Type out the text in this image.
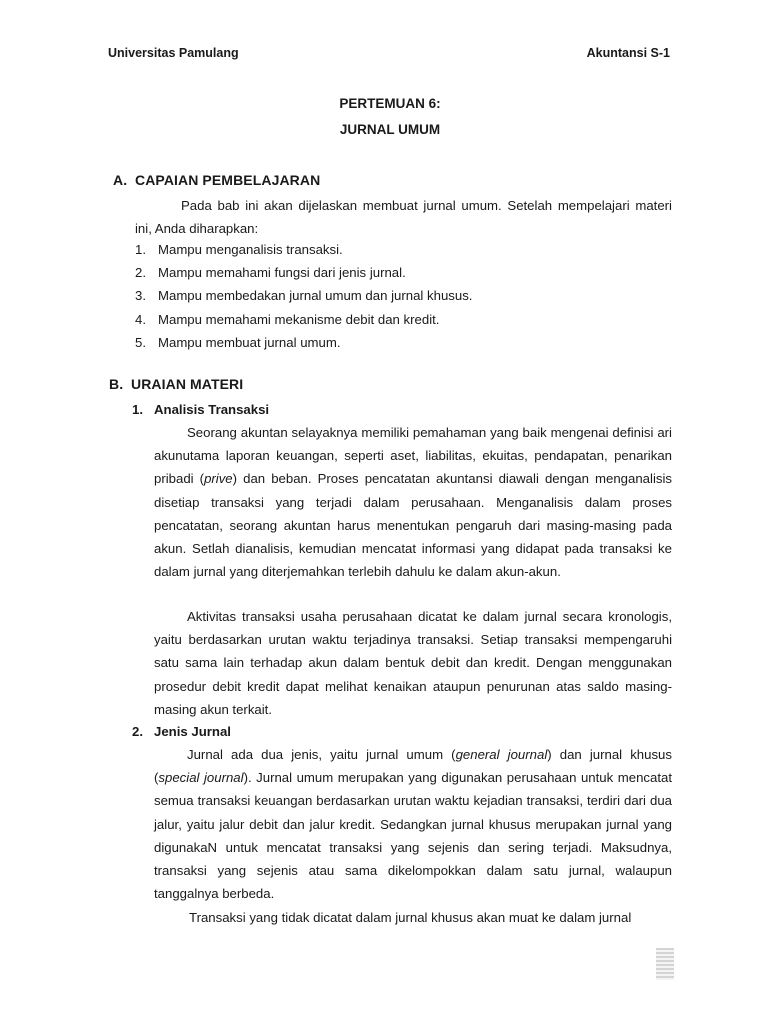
Universitas Pamulang	Akuntansi S-1
PERTEMUAN 6:
JURNAL UMUM
A. CAPAIAN PEMBELAJARAN
Pada bab ini akan dijelaskan membuat jurnal umum. Setelah mempelajari materi ini, Anda diharapkan:
1. Mampu menganalisis transaksi.
2. Mampu memahami fungsi dari jenis jurnal.
3. Mampu membedakan jurnal umum dan jurnal khusus.
4. Mampu memahami mekanisme debit dan kredit.
5. Mampu membuat jurnal umum.
B. URAIAN MATERI
1. Analisis Transaksi
Seorang akuntan selayaknya memiliki pemahaman yang baik mengenai definisi ari akunutama laporan keuangan, seperti aset, liabilitas, ekuitas, pendapatan, penarikan pribadi (prive) dan beban. Proses pencatatan akuntansi diawali dengan menganalisis disetiap transaksi yang terjadi dalam perusahaan. Menganalisis dalam proses pencatatan, seorang akuntan harus menentukan pengaruh dari masing-masing pada akun. Setlah dianalisis, kemudian mencatat informasi yang didapat pada transaksi ke dalam jurnal yang diterjemahkan terlebih dahulu ke dalam akun-akun.
Aktivitas transaksi usaha perusahaan dicatat ke dalam jurnal secara kronologis, yaitu berdasarkan urutan waktu terjadinya transaksi. Setiap transaksi mempengaruhi satu sama lain terhadap akun dalam bentuk debit dan kredit. Dengan menggunakan prosedur debit kredit dapat melihat kenaikan ataupun penurunan atas saldo masing-masing akun terkait.
2. Jenis Jurnal
Jurnal ada dua jenis, yaitu jurnal umum (general journal) dan jurnal khusus (special journal). Jurnal umum merupakan yang digunakan perusahaan untuk mencatat semua transaksi keuangan berdasarkan urutan waktu kejadian transaksi, terdiri dari dua jalur, yaitu jalur debit dan jalur kredit. Sedangkan jurnal khusus merupakan jurnal yang digunakaN untuk mencatat transaksi yang sejenis dan sering terjadi. Maksudnya, transaksi yang sejenis atau sama dikelompokkan dalam satu jurnal, walaupun tanggalnya berbeda.
Transaksi yang tidak dicatat dalam jurnal khusus akan muat ke dalam jurnal
